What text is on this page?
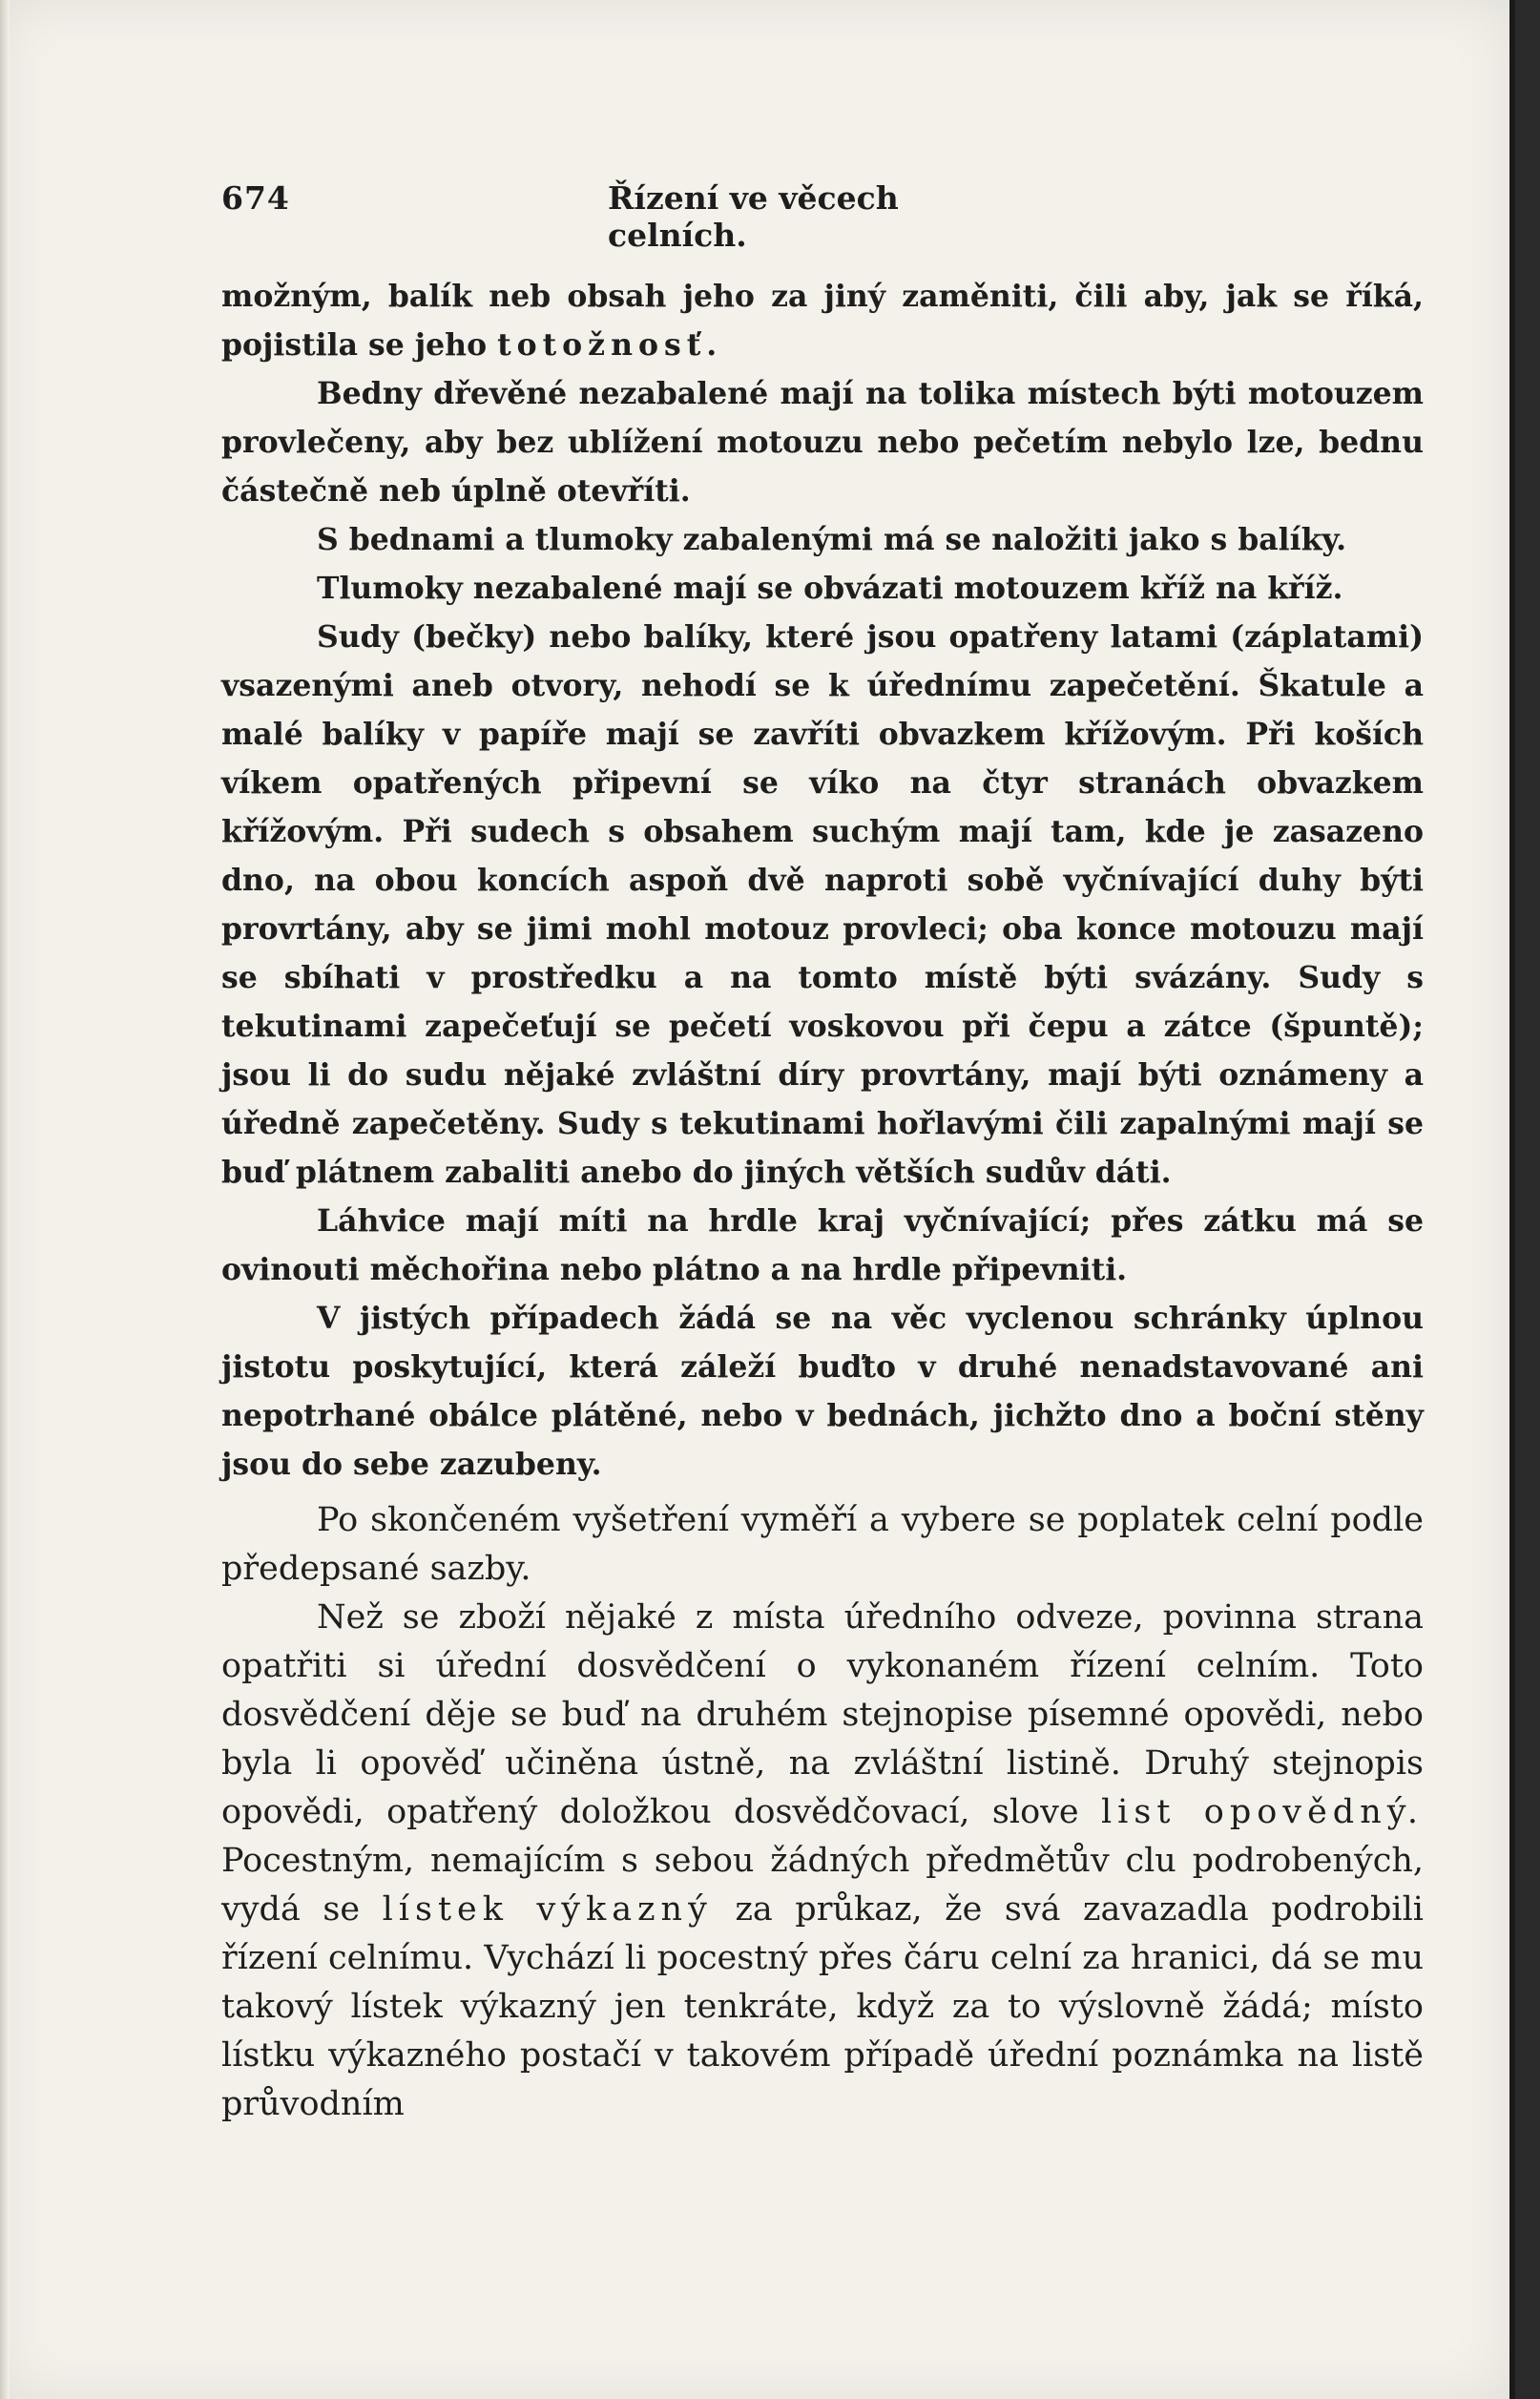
674	Řízení ve věcech celních.

možným, balík neb obsah jeho za jiný zaměniti, čili aby, jak se říká, pojistila se jeho totožnosť.

Bedny dřevěné nezabalené mají na tolika místech býti motouzem provlečeny, aby bez ublížení motouzu nebo pečetím nebylo lze, bednu částečně neb úplně otevříti.

S bednami a tlumoky zabalenými má se naložiti jako s balíky.

Tlumoky nezabalené mají se obvázati motouzem kříž na kříž.

Sudy (bečky) nebo balíky, které jsou opatřeny latami (záplatami) vsazenými aneb otvory, nehodí se k úřednímu zapečetění. Škatule a malé balíky v papíře mají se zavříti obvazkem křížovým. Při koších víkem opatřených připevní se víko na čtyr stranách obvazkem křížovým. Při sudech s obsahem suchým mají tam, kde je zasazeno dno, na obou koncích aspoň dvě naproti sobě vyčnívající duhy býti provrtány, aby se jimi mohl motouz provleci; oba konce motouzu mají se sbíhati v prostředku a na tomto místě býti svázány. Sudy s tekutinami zapečeťují se pečetí voskovou při čepu a zátce (špuntě); jsou li do sudu nějaké zvláštní díry provrtány, mají býti oznámeny a úředně zapečetěny. Sudy s tekutinami hořlavými čili zapalnými mají se buď plátnem zabaliti anebo do jiných větších sudův dáti.

Láhvice mají míti na hrdle kraj vyčnívající; přes zátku má se ovinouti měchořina nebo plátno a na hrdle připevniti.

V jistých případech žádá se na věc vyclenou schránky úplnou jistotu poskytující, která záleží buďto v druhé nenadstavované ani nepotrhané obálce plátěné, nebo v bednách, jichžto dno a boční stěny jsou do sebe zazubeny.

Po skončeném vyšetření vyměří a vybere se poplatek celní podle předepsané sazby.

Než se zboží nějaké z místa úředního odveze, povinna strana opatřiti si úřední dosvědčení o vykonaném řízení celním. Toto dosvědčení děje se buď na druhém stejnopise písemné opovědi, nebo byla li opověď učiněna ústně, na zvláštní listině. Druhý stejnopis opovědi, opatřený doložkou dosvědčovací, slove list opovědný. Pocestným, nemajícím s sebou žádných předmětův clu podrobených, vydá se lístek výkazný za průkaz, že svá zavazadla podrobili řízení celnímu. Vychází li pocestný přes čáru celní za hranici, dá se mu takový lístek výkazný jen tenkráte, když za to výslovně žádá; místo lístku výkazného postačí v takovém případě úřední poznámka na listě průvodním
